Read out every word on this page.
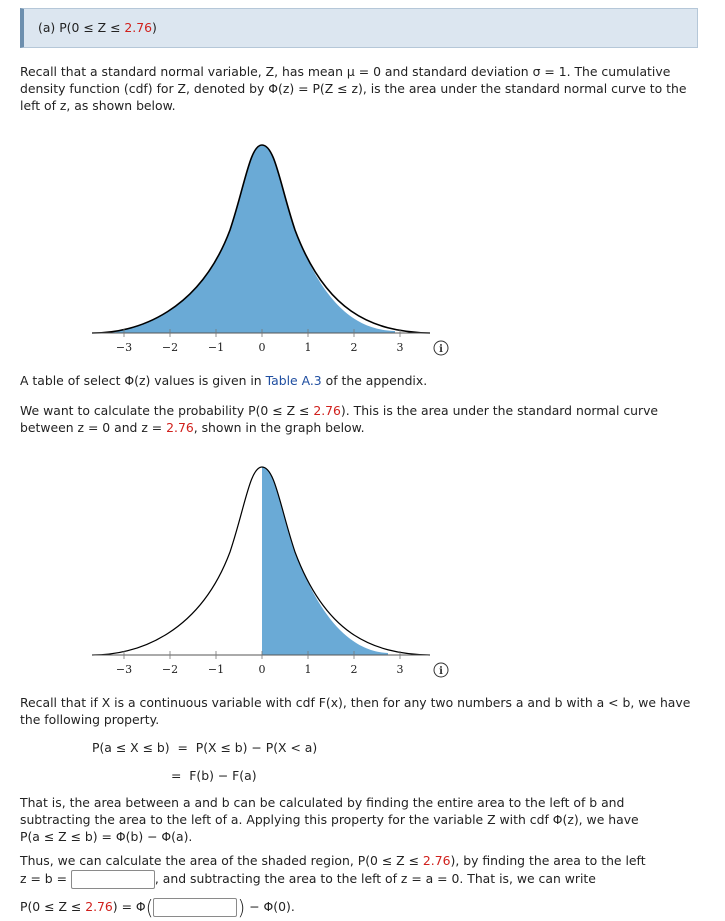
(a) P(0 ≤ Z ≤ 2.76)
Recall that a standard normal variable, Z, has mean μ = 0 and standard deviation σ = 1. The cumulative
density function (cdf) for Z, denoted by Φ(z) = P(Z ≤ z), is the area under the standard normal curve to the
left of z, as shown below.
−3	−2	−1	0	1	2	3	i
A table of select Φ(z) values is given in Table A.3 of the appendix.
We want to calculate the probability P(0 ≤ Z ≤ 2.76). This is the area under the standard normal curve
between z = 0 and z = 2.76, shown in the graph below.
−3	−2	−1	0	1	2	3	i
Recall that if X is a continuous variable with cdf F(x), then for any two numbers a and b with a < b, we have
the following property.
P(a ≤ X ≤ b)  =  P(X ≤ b) − P(X < a)
=  F(b) − F(a)
That is, the area between a and b can be calculated by finding the entire area to the left of b and
subtracting the area to the left of a. Applying this property for the variable Z with cdf Φ(z), we have
P(a ≤ Z ≤ b) = Φ(b) − Φ(a).
Thus, we can calculate the area of the shaded region, P(0 ≤ Z ≤ 2.76), by finding the area to the left
z = b =	, and subtracting the area to the left of z = a = 0. That is, we can write
P(0 ≤ Z ≤ 2.76) = Φ(	) − Φ(0).
